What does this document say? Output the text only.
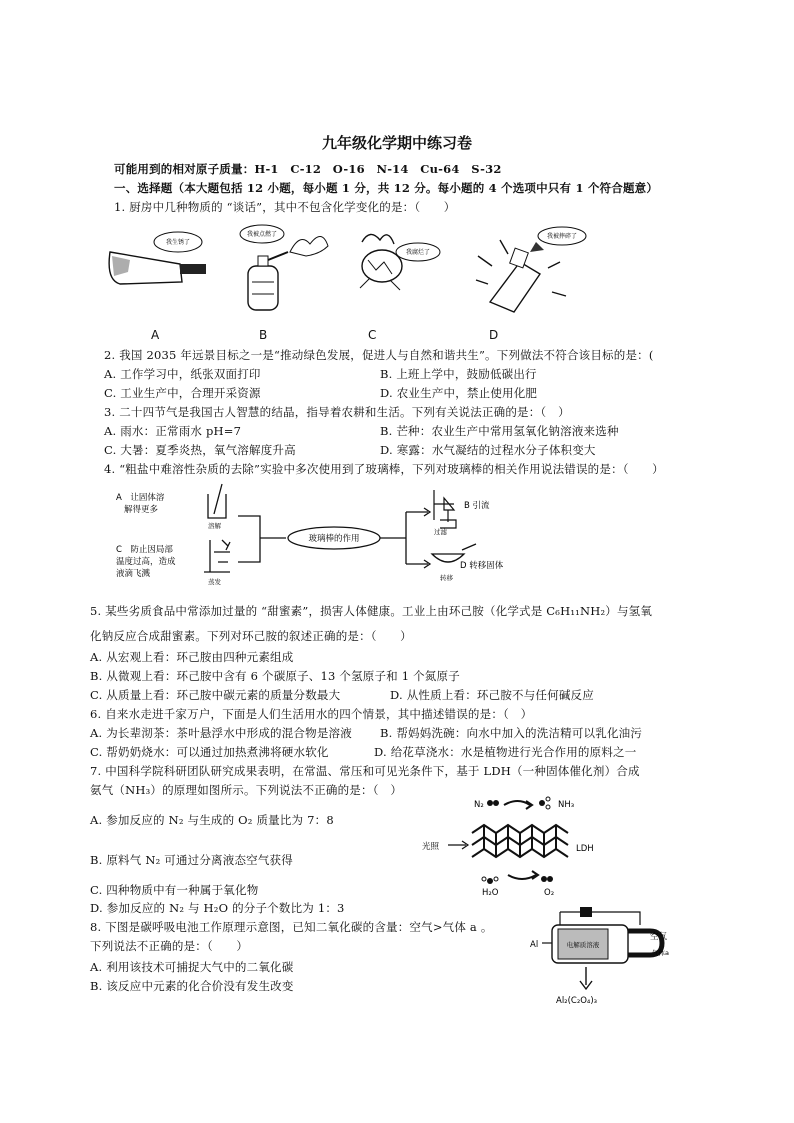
九年级化学期中练习卷
可能用到的相对原子质量：H-1　C-12　O-16　N-14　Cu-64　S-32
一、选择题（本大题包括 12 小题，每小题 1 分，共 12 分。每小题的 4 个选项中只有 1 个符合题意）
1. 厨房中几种物质的 “谈话”，其中不包含化学变化的是：（　　）
我生锈了
我被点燃了
我腐烂了
我被摔碎了
A	B	C	D
2. 我国 2035 年远景目标之一是“推动绿色发展，促进人与自然和谐共生”。下列做法不符合该目标的是：(
A. 工作学习中，纸张双面打印	B. 上班上学中，鼓励低碳出行
C. 工业生产中，合理开采资源	D. 农业生产中，禁止使用化肥
3. 二十四节气是我国古人智慧的结晶，指导着农耕和生活。下列有关说法正确的是：（　）
A. 雨水：正常雨水 pH=7	B. 芒种：农业生产中常用氢氧化钠溶液来选种
C. 大暑：夏季炎热，氧气溶解度升高	D. 寒露：水气凝结的过程水分子体积变大
4. “粗盐中难溶性杂质的去除”实验中多次使用到了玻璃棒，下列对玻璃棒的相关作用说法错误的是：（　　）
A　让固体溶
解得更多
溶解
C　防止因局部
温度过高，造成
液滴飞溅
蒸发
玻璃棒的作用
过滤
B 引流
转移
D 转移固体
5. 某些劣质食品中常添加过量的 “甜蜜素”，损害人体健康。工业上由环己胺（化学式是 C₆H₁₁NH₂）与氢氧
化钠反应合成甜蜜素。下列对环己胺的叙述正确的是：（　　）
A. 从宏观上看：环己胺由四种元素组成
B. 从微观上看：环己胺中含有 6 个碳原子、13 个氢原子和 1 个氮原子
C. 从质量上看：环己胺中碳元素的质量分数最大	D. 从性质上看：环己胺不与任何碱反应
6. 自来水走进千家万户，下面是人们生活用水的四个情景，其中描述错误的是：（　）
A. 为长辈沏茶：茶叶悬浮水中形成的混合物是溶液 B. 帮妈妈洗碗：向水中加入的洗洁精可以乳化油污
C. 帮奶奶烧水：可以通过加热煮沸将硬水软化	D. 给花草浇水：水是植物进行光合作用的原料之一
7. 中国科学院科研团队研究成果表明，在常温、常压和可见光条件下，基于 LDH（一种固体催化剂）合成
氨气（NH₃）的原理如图所示。下列说法不正确的是：（　）
A. 参加反应的 N₂ 与生成的 O₂ 质量比为 7：8
B. 原料气 N₂ 可通过分离液态空气获得
C. 四种物质中有一种属于氧化物
D. 参加反应的 N₂ 与 H₂O 的分子个数比为 1：3
N₂	NH₃
光照	LDH
H₂O	O₂
8. 下图是碳呼吸电池工作原理示意图，已知二氧化碳的含量：空气>气体 a 。
下列说法不正确的是：（　　）
A. 利用该技术可捕捉大气中的二氧化碳
B. 该反应中元素的化合价没有发生改变
Al	电解质溶液
空气
气体a
Al₂(C₂O₄)₃
